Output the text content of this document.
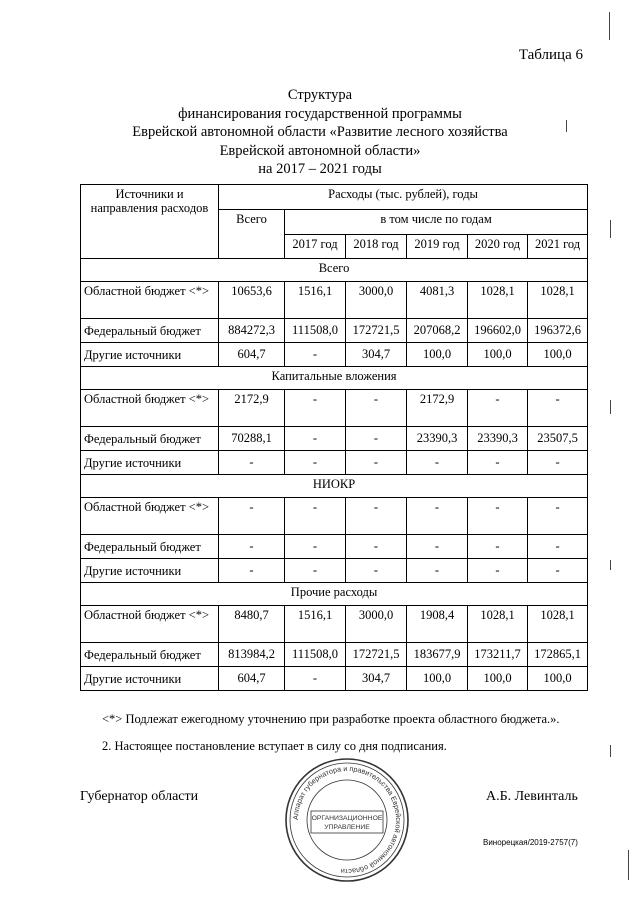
Таблица 6
Структура
финансирования государственной программы
Еврейской автономной области «Развитие лесного хозяйства
Еврейской автономной области»
на 2017 – 2021 годы
Источники и направления расходов	Расходы (тыс. рублей), годы					
	Всего	в том числе по годам				
		2017 год	2018 год	2019 год	2020 год	2021 год
Всего						
Областной бюджет <*>	10653,6	1516,1	3000,0	4081,3	1028,1	1028,1
Федеральный бюджет	884272,3	111508,0	172721,5	207068,2	196602,0	196372,6
Другие источники	604,7	-	304,7	100,0	100,0	100,0
Капитальные вложения						
Областной бюджет <*>	2172,9	-	-	2172,9	-	-
Федеральный бюджет	70288,1	-	-	23390,3	23390,3	23507,5
Другие источники	-	-	-	-	-	-
НИОКР						
Областной бюджет <*>	-	-	-	-	-	-
Федеральный бюджет	-	-	-	-	-	-
Другие источники	-	-	-	-	-	-
Прочие расходы						
Областной бюджет <*>	8480,7	1516,1	3000,0	1908,4	1028,1	1028,1
Федеральный бюджет	813984,2	111508,0	172721,5	183677,9	173211,7	172865,1
Другие источники	604,7	-	304,7	100,0	100,0	100,0
<*> Подлежат ежегодному уточнению при разработке проекта областного бюджета.».
2. Настоящее постановление вступает в силу со дня подписания.
Губернатор области	А.Б. Левинталь
Винорецкая/2019-2757(7)
Аппарат губернатора и правительства Еврейской автономной области
ОРГАНИЗАЦИОННОЕ
УПРАВЛЕНИЕ
